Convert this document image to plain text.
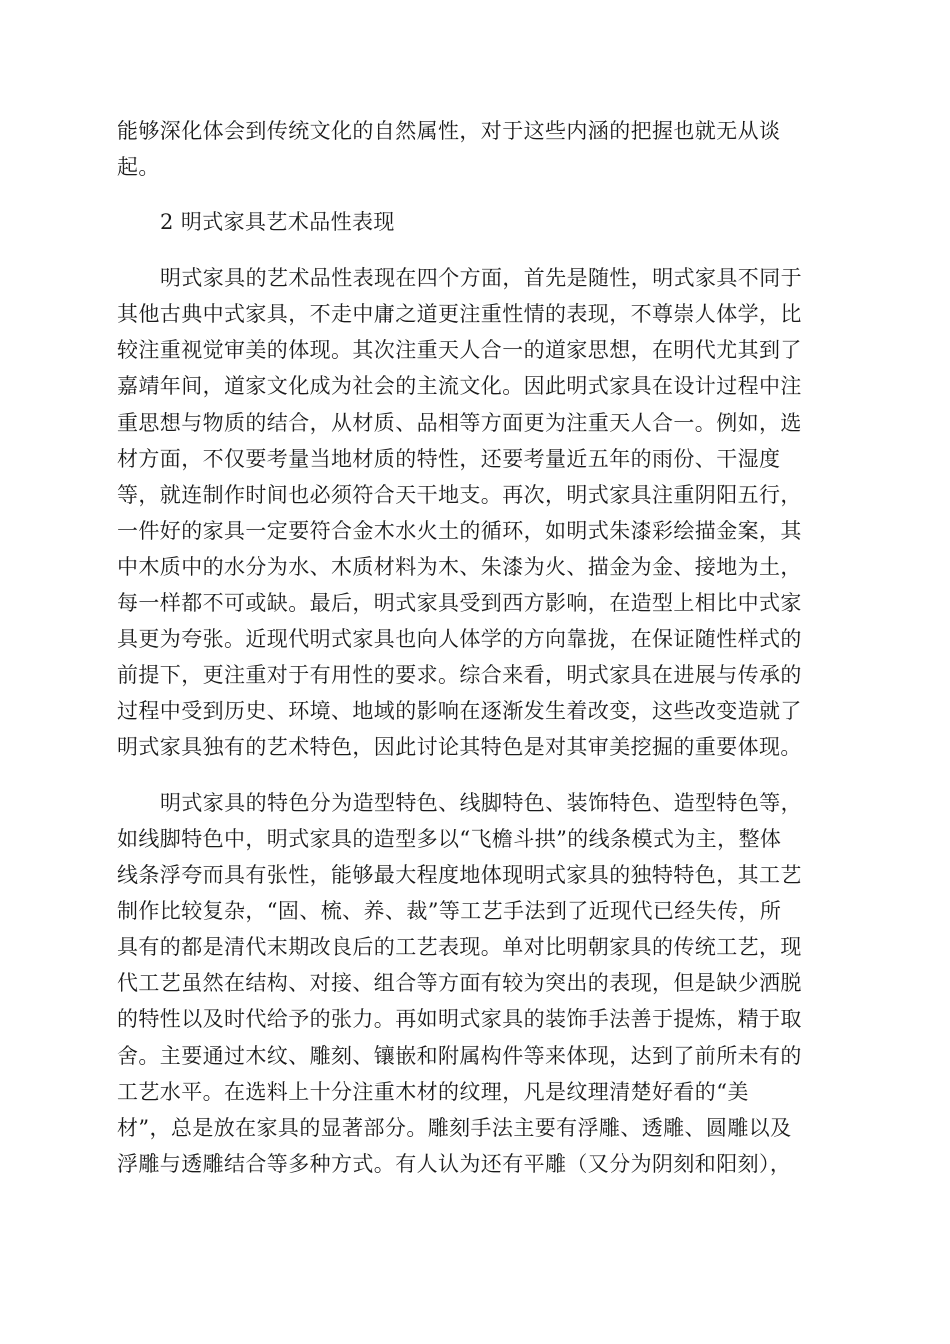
能够深化体会到传统文化的自然属性，对于这些内涵的把握也就无从谈

起。

2 明式家具艺术品性表现

明式家具的艺术品性表现在四个方面，首先是随性，明式家具不同于

其他古典中式家具，不走中庸之道更注重性情的表现，不尊崇人体学，比

较注重视觉审美的体现。其次注重天人合一的道家思想，在明代尤其到了

嘉靖年间，道家文化成为社会的主流文化。因此明式家具在设计过程中注

重思想与物质的结合，从材质、品相等方面更为注重天人合一。例如，选

材方面，不仅要考量当地材质的特性，还要考量近五年的雨份、干湿度

等，就连制作时间也必须符合天干地支。再次，明式家具注重阴阳五行，

一件好的家具一定要符合金木水火土的循环，如明式朱漆彩绘描金案，其

中木质中的水分为水、木质材料为木、朱漆为火、描金为金、接地为土，

每一样都不可或缺。最后，明式家具受到西方影响，在造型上相比中式家

具更为夸张。近现代明式家具也向人体学的方向靠拢，在保证随性样式的

前提下，更注重对于有用性的要求。综合来看，明式家具在进展与传承的

过程中受到历史、环境、地域的影响在逐渐发生着改变，这些改变造就了

明式家具独有的艺术特色，因此讨论其特色是对其审美挖掘的重要体现。

明式家具的特色分为造型特色、线脚特色、装饰特色、造型特色等，

如线脚特色中，明式家具的造型多以“飞檐斗拱”的线条模式为主，整体

线条浮夸而具有张性，能够最大程度地体现明式家具的独特特色，其工艺

制作比较复杂，“固、梳、养、裁”等工艺手法到了近现代已经失传，所

具有的都是清代末期改良后的工艺表现。单对比明朝家具的传统工艺，现

代工艺虽然在结构、对接、组合等方面有较为突出的表现，但是缺少洒脱

的特性以及时代给予的张力。再如明式家具的装饰手法善于提炼，精于取

舍。主要通过木纹、雕刻、镶嵌和附属构件等来体现，达到了前所未有的

工艺水平。在选料上十分注重木材的纹理，凡是纹理清楚好看的“美

材”，总是放在家具的显著部分。雕刻手法主要有浮雕、透雕、圆雕以及

浮雕与透雕结合等多种方式。有人认为还有平雕（又分为阴刻和阳刻），
